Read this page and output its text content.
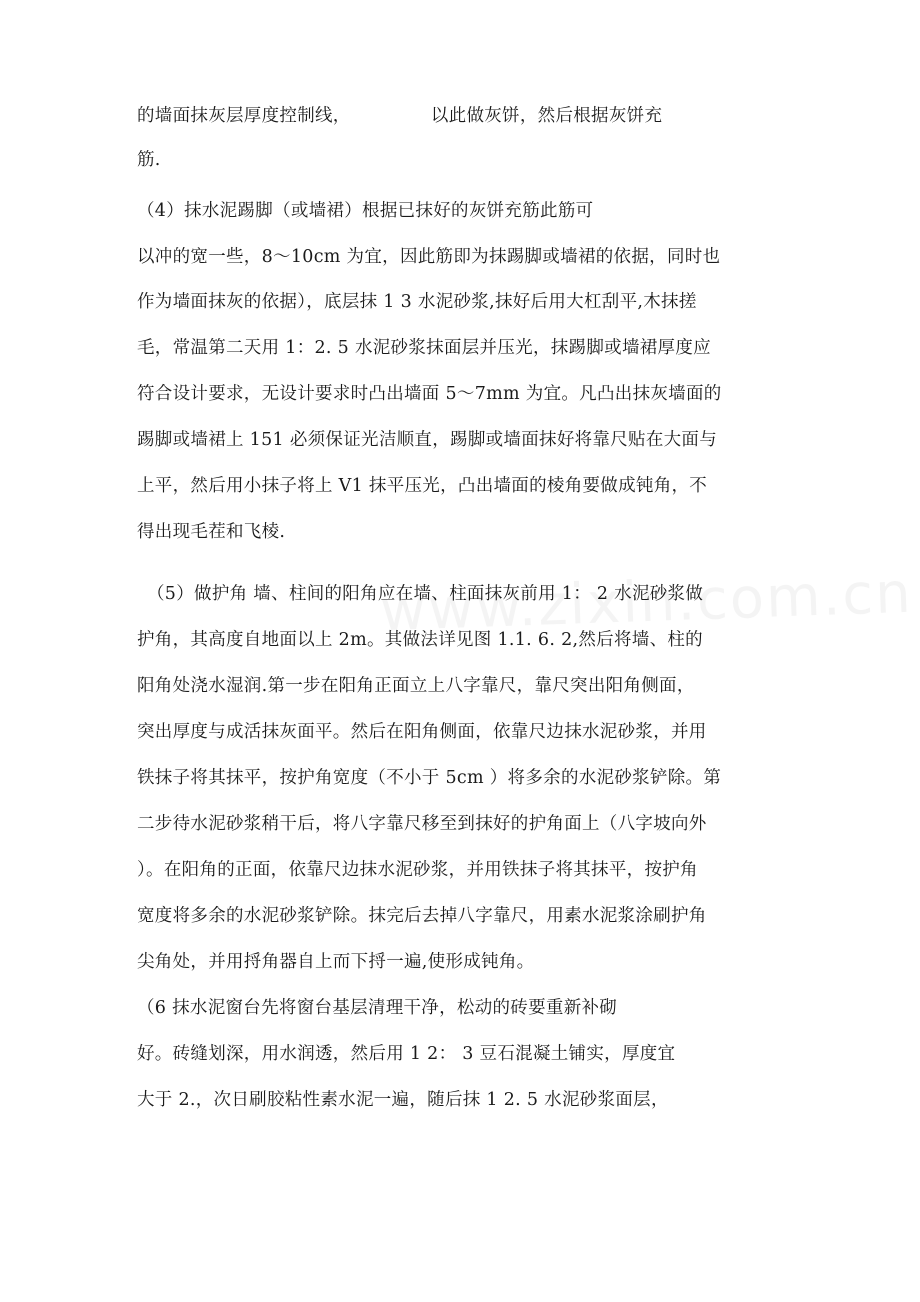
的墙面抹灰层厚度控制线，　　　　　以此做灰饼，然后根据灰饼充
筋.
（4）抹水泥踢脚（或墙裙）根据已抹好的灰饼充筋此筋可
以冲的宽一些，8～10cm 为宜，因此筋即为抹踢脚或墙裙的依据，同时也
作为墙面抹灰的依据），底层抹 1 3 水泥砂浆,抹好后用大杠刮平,木抹搓
毛，常温第二天用 1：2. 5 水泥砂浆抹面层并压光，抹踢脚或墙裙厚度应
符合设计要求，无设计要求时凸出墙面 5～7mm 为宜。凡凸出抹灰墙面的
踢脚或墙裙上 151 必须保证光洁顺直，踢脚或墙面抹好将靠尺贴在大面与
上平，然后用小抹子将上 V1 抹平压光，凸出墙面的棱角要做成钝角，不
得出现毛茬和飞棱.
（5）做护角 墙、柱间的阳角应在墙、柱面抹灰前用 1： 2 水泥砂浆做
护角，其高度自地面以上 2m。其做法详见图 1.1. 6. 2,然后将墙、柱的
阳角处浇水湿润.第一步在阳角正面立上八字靠尺，靠尺突出阳角侧面，
突出厚度与成活抹灰面平。然后在阳角侧面，依靠尺边抹水泥砂浆，并用
铁抹子将其抹平，按护角宽度（不小于 5cm ）将多余的水泥砂浆铲除。第
二步待水泥砂浆稍干后，将八字靠尺移至到抹好的护角面上（八字坡向外
）。在阳角的正面，依靠尺边抹水泥砂浆，并用铁抹子将其抹平，按护角
宽度将多余的水泥砂浆铲除。抹完后去掉八字靠尺，用素水泥浆涂刷护角
尖角处，并用捋角器自上而下捋一遍,使形成钝角。
（6 抹水泥窗台先将窗台基层清理干净，松动的砖要重新补砌
好。砖缝划深，用水润透，然后用 1 2： 3 豆石混凝土铺实，厚度宜
大于 2.，次日刷胶粘性素水泥一遍，随后抹 1 2. 5 水泥砂浆面层，
